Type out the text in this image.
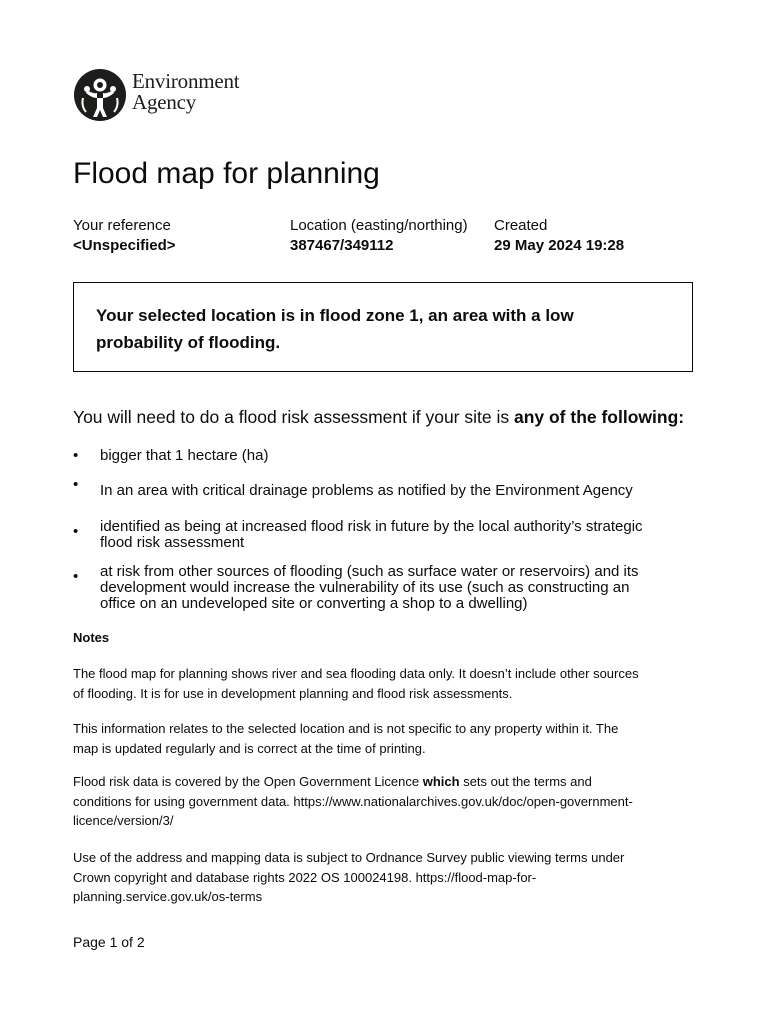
Environment
Agency
Flood map for planning
Your reference
<Unspecified>
Location (easting/northing)
387467/349112
Created
29 May 2024 19:28
Your selected location is in flood zone 1, an area with a low
probability of flooding.
You will need to do a flood risk assessment if your site is any of the following:
• bigger that 1 hectare (ha)
• In an area with critical drainage problems as notified by the Environment Agency
• identified as being at increased flood risk in future by the local authority’s strategic
flood risk assessment
• at risk from other sources of flooding (such as surface water or reservoirs) and its
development would increase the vulnerability of its use (such as constructing an
office on an undeveloped site or converting a shop to a dwelling)
Notes
The flood map for planning shows river and sea flooding data only. It doesn’t include other sources
of flooding. It is for use in development planning and flood risk assessments.
This information relates to the selected location and is not specific to any property within it. The
map is updated regularly and is correct at the time of printing.
Flood risk data is covered by the Open Government Licence which sets out the terms and
conditions for using government data. https://www.nationalarchives.gov.uk/doc/open-government-
licence/version/3/
Use of the address and mapping data is subject to Ordnance Survey public viewing terms under
Crown copyright and database rights 2022 OS 100024198. https://flood-map-for-
planning.service.gov.uk/os-terms
Page 1 of 2
